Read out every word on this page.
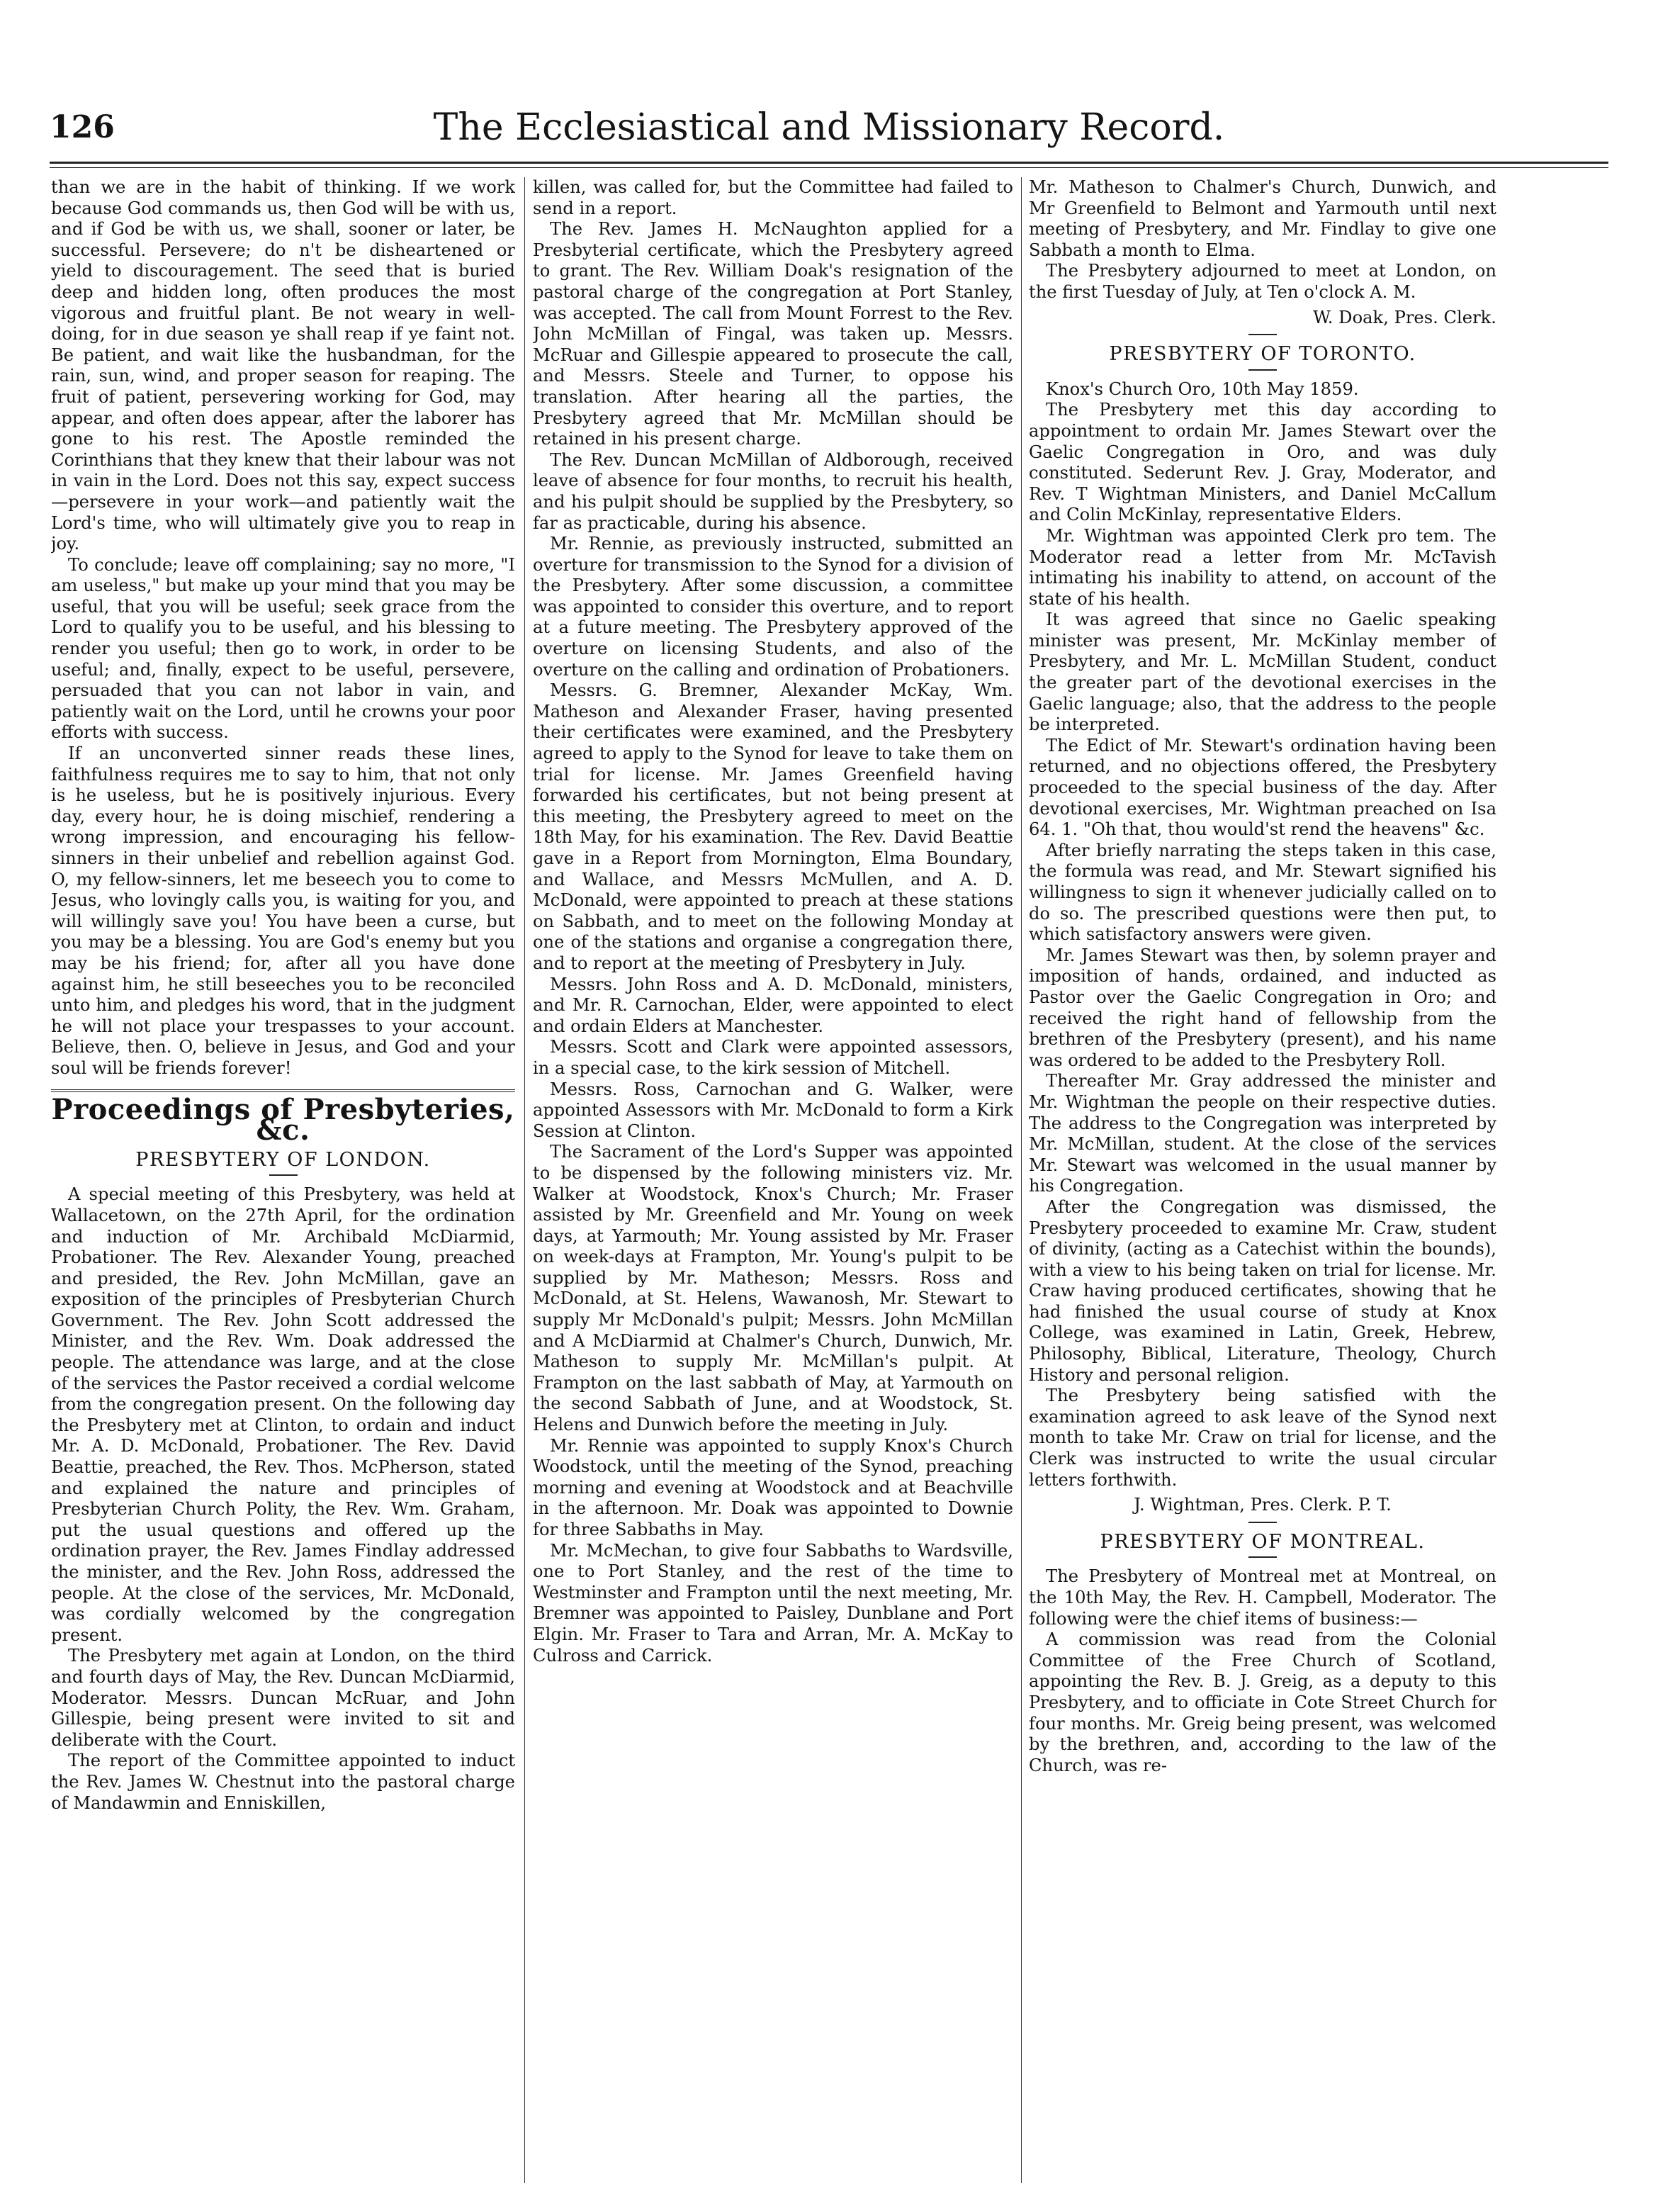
126	The Ecclesiastical and Missionary Record.

than we are in the habit of thinking. If we work because God commands us, then God will be with us, and if God be with us, we shall, sooner or later, be successful. Persevere; do n't be disheartened or yield to discouragement. The seed that is buried deep and hidden long, often produces the most vigorous and fruitful plant. Be not weary in well-doing, for in due season ye shall reap if ye faint not. Be patient, and wait like the husbandman, for the rain, sun, wind, and proper season for reaping. The fruit of patient, persevering working for God, may appear, and often does appear, after the laborer has gone to his rest. The Apostle reminded the Corinthians that they knew that their labour was not in vain in the Lord. Does not this say, expect success—persevere in your work—and patiently wait the Lord's time, who will ultimately give you to reap in joy.

To conclude; leave off complaining; say no more, "I am useless," but make up your mind that you may be useful, that you will be useful; seek grace from the Lord to qualify you to be useful, and his blessing to render you useful; then go to work, in order to be useful; and, finally, expect to be useful, persevere, persuaded that you can not labor in vain, and patiently wait on the Lord, until he crowns your poor efforts with success.

If an unconverted sinner reads these lines, faithfulness requires me to say to him, that not only is he useless, but he is positively injurious. Every day, every hour, he is doing mischief, rendering a wrong impression, and encouraging his fellow-sinners in their unbelief and rebellion against God. O, my fellow-sinners, let me beseech you to come to Jesus, who lovingly calls you, is waiting for you, and will willingly save you! You have been a curse, but you may be a blessing. You are God's enemy but you may be his friend; for, after all you have done against him, he still beseeches you to be reconciled unto him, and pledges his word, that in the judgment he will not place your trespasses to your account. Believe, then. O, believe in Jesus, and God and your soul will be friends forever!

Proceedings of Presbyteries, &c.
PRESBYTERY OF LONDON.

A special meeting of this Presbytery, was held at Wallacetown, on the 27th April, for the ordination and induction of Mr. Archibald McDiarmid, Probationer. The Rev. Alexander Young, preached and presided, the Rev. John McMillan, gave an exposition of the principles of Presbyterian Church Government. The Rev. John Scott addressed the Minister, and the Rev. Wm. Doak addressed the people. The attendance was large, and at the close of the services the Pastor received a cordial welcome from the congregation present. On the following day the Presbytery met at Clinton, to ordain and induct Mr. A. D. McDonald, Probationer. The Rev. David Beattie, preached, the Rev. Thos. McPherson, stated and explained the nature and principles of Presbyterian Church Polity, the Rev. Wm. Graham, put the usual questions and offered up the ordination prayer, the Rev. James Findlay addressed the minister, and the Rev. John Ross, addressed the people. At the close of the services, Mr. McDonald, was cordially welcomed by the congregation present.

The Presbytery met again at London, on the third and fourth days of May, the Rev. Duncan McDiarmid, Moderator. Messrs. Duncan McRuar, and John Gillespie, being present were invited to sit and deliberate with the Court.

The report of the Committee appointed to induct the Rev. James W. Chestnut into the pastoral charge of Mandawmin and Enniskillen,

killen, was called for, but the Committee had failed to send in a report.

The Rev. James H. McNaughton applied for a Presbyterial certificate, which the Presbytery agreed to grant. The Rev. William Doak's resignation of the pastoral charge of the congregation at Port Stanley, was accepted. The call from Mount Forrest to the Rev. John McMillan of Fingal, was taken up. Messrs. McRuar and Gillespie appeared to prosecute the call, and Messrs. Steele and Turner, to oppose his translation. After hearing all the parties, the Presbytery agreed that Mr. McMillan should be retained in his present charge.

The Rev. Duncan McMillan of Aldborough, received leave of absence for four months, to recruit his health, and his pulpit should be supplied by the Presbytery, so far as practicable, during his absence.

Mr. Rennie, as previously instructed, submitted an overture for transmission to the Synod for a division of the Presbytery. After some discussion, a committee was appointed to consider this overture, and to report at a future meeting. The Presbytery approved of the overture on licensing Students, and also of the overture on the calling and ordination of Probationers.

Messrs. G. Bremner, Alexander McKay, Wm. Matheson and Alexander Fraser, having presented their certificates were examined, and the Presbytery agreed to apply to the Synod for leave to take them on trial for license. Mr. James Greenfield having forwarded his certificates, but not being present at this meeting, the Presbytery agreed to meet on the 18th May, for his examination. The Rev. David Beattie gave in a Report from Mornington, Elma Boundary, and Wallace, and Messrs McMullen, and A. D. McDonald, were appointed to preach at these stations on Sabbath, and to meet on the following Monday at one of the stations and organise a congregation there, and to report at the meeting of Presbytery in July.

Messrs. John Ross and A. D. McDonald, ministers, and Mr. R. Carnochan, Elder, were appointed to elect and ordain Elders at Manchester.

Messrs. Scott and Clark were appointed assessors, in a special case, to the kirk session of Mitchell.

Messrs. Ross, Carnochan and G. Walker, were appointed Assessors with Mr. McDonald to form a Kirk Session at Clinton.

The Sacrament of the Lord's Supper was appointed to be dispensed by the following ministers viz. Mr. Walker at Woodstock, Knox's Church; Mr. Fraser assisted by Mr. Greenfield and Mr. Young on week days, at Yarmouth; Mr. Young assisted by Mr. Fraser on week-days at Frampton, Mr. Young's pulpit to be supplied by Mr. Matheson; Messrs. Ross and McDonald, at St. Helens, Wawanosh, Mr. Stewart to supply Mr McDonald's pulpit; Messrs. John McMillan and A McDiarmid at Chalmer's Church, Dunwich, Mr. Matheson to supply Mr. McMillan's pulpit. At Frampton on the last sabbath of May, at Yarmouth on the second Sabbath of June, and at Woodstock, St. Helens and Dunwich before the meeting in July.

Mr. Rennie was appointed to supply Knox's Church Woodstock, until the meeting of the Synod, preaching morning and evening at Woodstock and at Beachville in the afternoon. Mr. Doak was appointed to Downie for three Sabbaths in May.

Mr. McMechan, to give four Sabbaths to Wardsville, one to Port Stanley, and the rest of the time to Westminster and Frampton until the next meeting, Mr. Bremner was appointed to Paisley, Dunblane and Port Elgin. Mr. Fraser to Tara and Arran, Mr. A. McKay to Culross and Carrick.

Mr. Matheson to Chalmer's Church, Dunwich, and Mr Greenfield to Belmont and Yarmouth until next meeting of Presbytery, and Mr. Findlay to give one Sabbath a month to Elma.

The Presbytery adjourned to meet at London, on the first Tuesday of July, at Ten o'clock A. M.

W. Doak, Pres. Clerk.
PRESBYTERY OF TORONTO.

Knox's Church Oro, 10th May 1859.

The Presbytery met this day according to appointment to ordain Mr. James Stewart over the Gaelic Congregation in Oro, and was duly constituted. Sederunt Rev. J. Gray, Moderator, and Rev. T Wightman Ministers, and Daniel McCallum and Colin McKinlay, representative Elders.

Mr. Wightman was appointed Clerk pro tem. The Moderator read a letter from Mr. McTavish intimating his inability to attend, on account of the state of his health.

It was agreed that since no Gaelic speaking minister was present, Mr. McKinlay member of Presbytery, and Mr. L. McMillan Student, conduct the greater part of the devotional exercises in the Gaelic language; also, that the address to the people be interpreted.

The Edict of Mr. Stewart's ordination having been returned, and no objections offered, the Presbytery proceeded to the special business of the day. After devotional exercises, Mr. Wightman preached on Isa 64. 1. "Oh that, thou would'st rend the heavens" &c.

After briefly narrating the steps taken in this case, the formula was read, and Mr. Stewart signified his willingness to sign it whenever judicially called on to do so. The prescribed questions were then put, to which satisfactory answers were given.

Mr. James Stewart was then, by solemn prayer and imposition of hands, ordained, and inducted as Pastor over the Gaelic Congregation in Oro; and received the right hand of fellowship from the brethren of the Presbytery (present), and his name was ordered to be added to the Presbytery Roll.

Thereafter Mr. Gray addressed the minister and Mr. Wightman the people on their respective duties. The address to the Congregation was interpreted by Mr. McMillan, student. At the close of the services Mr. Stewart was welcomed in the usual manner by his Congregation.

After the Congregation was dismissed, the Presbytery proceeded to examine Mr. Craw, student of divinity, (acting as a Catechist within the bounds), with a view to his being taken on trial for license. Mr. Craw having produced certificates, showing that he had finished the usual course of study at Knox College, was examined in Latin, Greek, Hebrew, Philosophy, Biblical, Literature, Theology, Church History and personal religion.

The Presbytery being satisfied with the examination agreed to ask leave of the Synod next month to take Mr. Craw on trial for license, and the Clerk was instructed to write the usual circular letters forthwith.

J. Wightman, Pres. Clerk. P. T.
PRESBYTERY OF MONTREAL.

The Presbytery of Montreal met at Montreal, on the 10th May, the Rev. H. Campbell, Moderator. The following were the chief items of business:—

A commission was read from the Colonial Committee of the Free Church of Scotland, appointing the Rev. B. J. Greig, as a deputy to this Presbytery, and to officiate in Cote Street Church for four months. Mr. Greig being present, was welcomed by the brethren, and, according to the law of the Church, was re-
